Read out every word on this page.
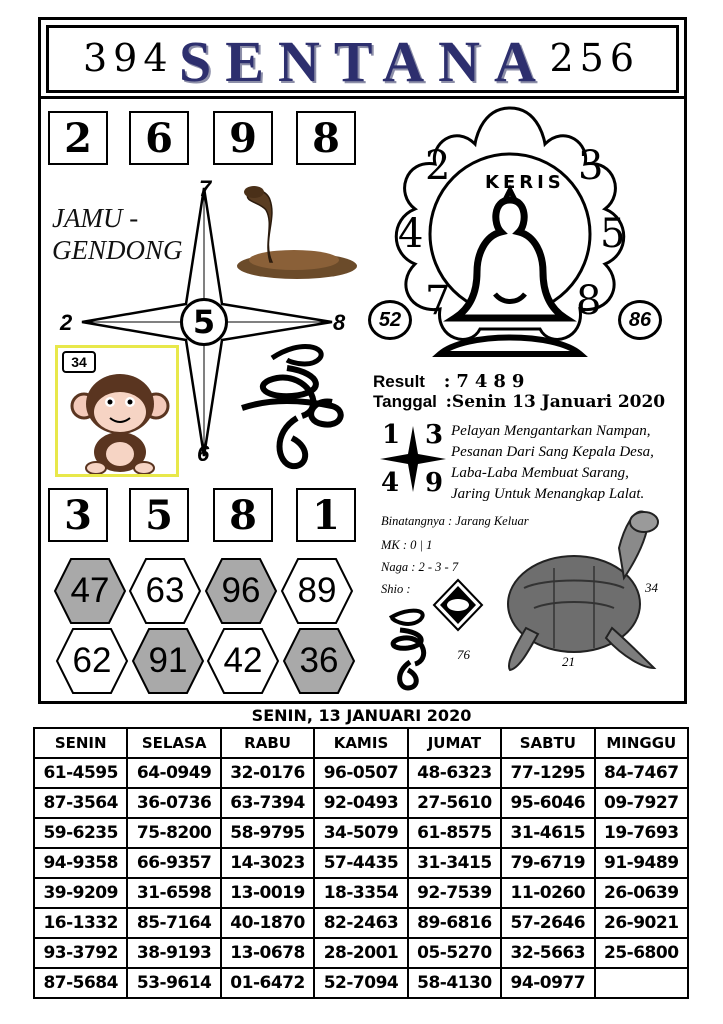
394 SENTANA 256
2	6	9	8
JAMU -
GENDONG
7
2	8
6
5
34
KERIS
2	3
4	5
7	8
52	86
Result :7489
Tanggal :Senin 13 Januari 2020
1 3
4 9
Pelayan Mengantarkan Nampan,
Pesanan Dari Sang Kepala Desa,
Laba-Laba Membuat Sarang,
Jaring Untuk Menangkap Lalat.
Binatangnya : Jarang Keluar
MK : 0 | 1
Naga : 2 - 3 - 7
Shio :
76
34
21
3	5	8	1
47	63	96	89
62	91	42	36
SENIN, 13 JANUARI 2020
SENIN	SELASA	RABU	KAMIS	JUMAT	SABTU	MINGGU
61-4595	64-0949	32-0176	96-0507	48-6323	77-1295	84-7467
87-3564	36-0736	63-7394	92-0493	27-5610	95-6046	09-7927
59-6235	75-8200	58-9795	34-5079	61-8575	31-4615	19-7693
94-9358	66-9357	14-3023	57-4435	31-3415	79-6719	91-9489
39-9209	31-6598	13-0019	18-3354	92-7539	11-0260	26-0639
16-1332	85-7164	40-1870	82-2463	89-6816	57-2646	26-9021
93-3792	38-9193	13-0678	28-2001	05-5270	32-5663	25-6800
87-5684	53-9614	01-6472	52-7094	58-4130	94-0977	
